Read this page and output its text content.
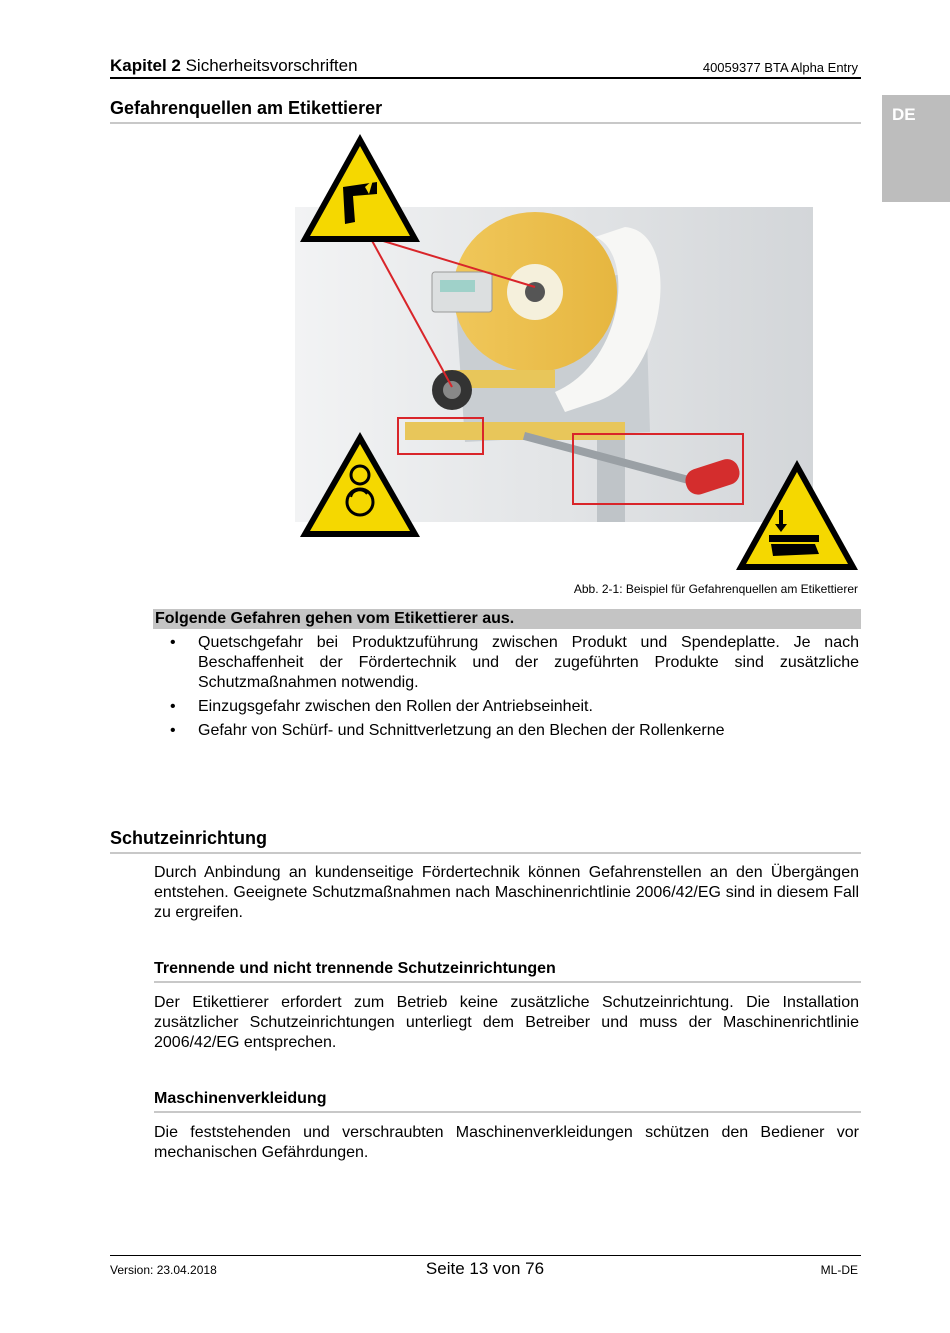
Kapitel 2 Sicherheitsvorschriften	40059377 BTA Alpha Entry
DE
Gefahrenquellen am Etikettierer
Abb. 2-1: Beispiel für Gefahrenquellen am Etikettierer
Folgende Gefahren gehen vom Etikettierer aus.
• Quetschgefahr bei Produktzuführung zwischen Produkt und Spendeplatte. Je nach Beschaffenheit der Fördertechnik und der zugeführten Produkte sind zusätzliche Schutzmaßnahmen notwendig.
• Einzugsgefahr zwischen den Rollen der Antriebseinheit.
• Gefahr von Schürf- und Schnittverletzung an den Blechen der Rollenkerne
Schutzeinrichtung
Durch Anbindung an kundenseitige Fördertechnik können Gefahrenstellen an den Übergängen entstehen. Geeignete Schutzmaßnahmen nach Maschinenrichtlinie 2006/42/EG sind in diesem Fall zu ergreifen.
Trennende und nicht trennende Schutzeinrichtungen
Der Etikettierer erfordert zum Betrieb keine zusätzliche Schutzeinrichtung. Die Installation zusätzlicher Schutzeinrichtungen unterliegt dem Betreiber und muss der Maschinenrichtlinie 2006/42/EG entsprechen.
Maschinenverkleidung
Die feststehenden und verschraubten Maschinenverkleidungen schützen den Bediener vor mechanischen Gefährdungen.
Version: 23.04.2018	Seite 13 von 76	ML-DE
